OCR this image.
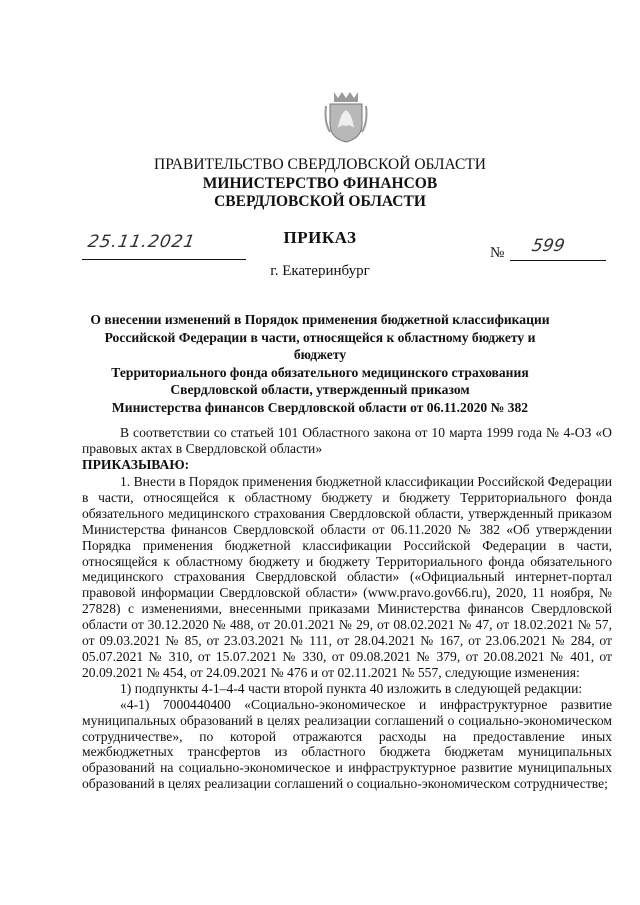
ПРАВИТЕЛЬСТВО СВЕРДЛОВСКОЙ ОБЛАСТИ
МИНИСТЕРСТВО ФИНАНСОВ
СВЕРДЛОВСКОЙ ОБЛАСТИ
ПРИКАЗ
25.11.2021
№ 599
г. Екатеринбург
О внесении изменений в Порядок применения бюджетной классификации
Российской Федерации в части, относящейся к областному бюджету и бюджету
Территориального фонда обязательного медицинского страхования
Свердловской области, утвержденный приказом
Министерства финансов Свердловской области от 06.11.2020 № 382

В соответствии со статьей 101 Областного закона от 10 марта 1999 года № 4-ОЗ «О правовых актах в Свердловской области»

ПРИКАЗЫВАЮ:

1. Внести в Порядок применения бюджетной классификации Российской Федерации в части, относящейся к областному бюджету и бюджету Территориального фонда обязательного медицинского страхования Свердловской области, утвержденный приказом Министерства финансов Свердловской области от 06.11.2020 № 382 «Об утверждении Порядка применения бюджетной классификации Российской Федерации в части, относящейся к областному бюджету и бюджету Территориального фонда обязательного медицинского страхования Свердловской области» («Официальный интернет-портал правовой информации Свердловской области» (www.pravo.gov66.ru), 2020, 11 ноября, № 27828) с изменениями, внесенными приказами Министерства финансов Свердловской области от 30.12.2020 № 488, от 20.01.2021 № 29, от 08.02.2021 № 47, от 18.02.2021 № 57, от 09.03.2021 № 85, от 23.03.2021 № 111, от 28.04.2021 № 167, от 23.06.2021 № 284, от 05.07.2021 № 310, от 15.07.2021 № 330, от 09.08.2021 № 379, от 20.08.2021 № 401, от 20.09.2021 № 454, от 24.09.2021 № 476 и от 02.11.2021 № 557, следующие изменения:

1) подпункты 4-1–4-4 части второй пункта 40 изложить в следующей редакции:

«4-1) 7000440400 «Социально-экономическое и инфраструктурное развитие муниципальных образований в целях реализации соглашений о социально-экономическом сотрудничестве», по которой отражаются расходы на предоставление иных межбюджетных трансфертов из областного бюджета бюджетам муниципальных образований на социально-экономическое и инфраструктурное развитие муниципальных образований в целях реализации соглашений о социально-экономическом сотрудничестве;
